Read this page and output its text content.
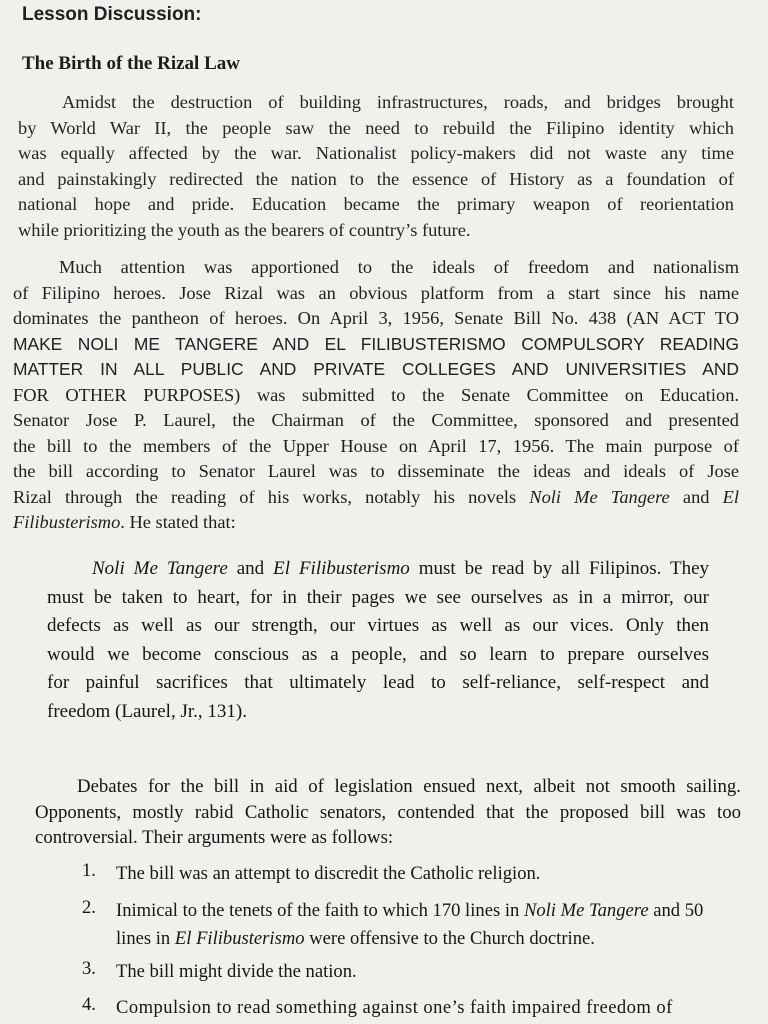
Lesson Discussion:
The Birth of the Rizal Law
Amidst the destruction of building infrastructures, roads, and bridges brought
by World War II, the people saw the need to rebuild the Filipino identity which
was equally affected by the war. Nationalist policy-makers did not waste any time
and painstakingly redirected the nation to the essence of History as a foundation of
national hope and pride. Education became the primary weapon of reorientation
while prioritizing the youth as the bearers of country’s future.
Much attention was apportioned to the ideals of freedom and nationalism
of Filipino heroes. Jose Rizal was an obvious platform from a start since his name
dominates the pantheon of heroes. On April 3, 1956, Senate Bill No. 438 (AN ACT TO
MAKE NOLI ME TANGERE AND EL FILIBUSTERISMO COMPULSORY READING
MATTER IN ALL PUBLIC AND PRIVATE COLLEGES AND UNIVERSITIES AND
FOR OTHER PURPOSES) was submitted to the Senate Committee on Education.
Senator Jose P. Laurel, the Chairman of the Committee, sponsored and presented
the bill to the members of the Upper House on April 17, 1956. The main purpose of
the bill according to Senator Laurel was to disseminate the ideas and ideals of Jose
Rizal through the reading of his works, notably his novels Noli Me Tangere and El
Filibusterismo. He stated that:
Noli Me Tangere and El Filibusterismo must be read by all Filipinos. They
must be taken to heart, for in their pages we see ourselves as in a mirror, our
defects as well as our strength, our virtues as well as our vices. Only then
would we become conscious as a people, and so learn to prepare ourselves
for painful sacrifices that ultimately lead to self-reliance, self-respect and
freedom (Laurel, Jr., 131).
Debates for the bill in aid of legislation ensued next, albeit not smooth sailing.
Opponents, mostly rabid Catholic senators, contended that the proposed bill was too
controversial. Their arguments were as follows:
1. The bill was an attempt to discredit the Catholic religion.
2. Inimical to the tenets of the faith to which 170 lines in Noli Me Tangere and 50
lines in El Filibusterismo were offensive to the Church doctrine.
3. The bill might divide the nation.
4. Compulsion to read something against one’s faith impaired freedom of
